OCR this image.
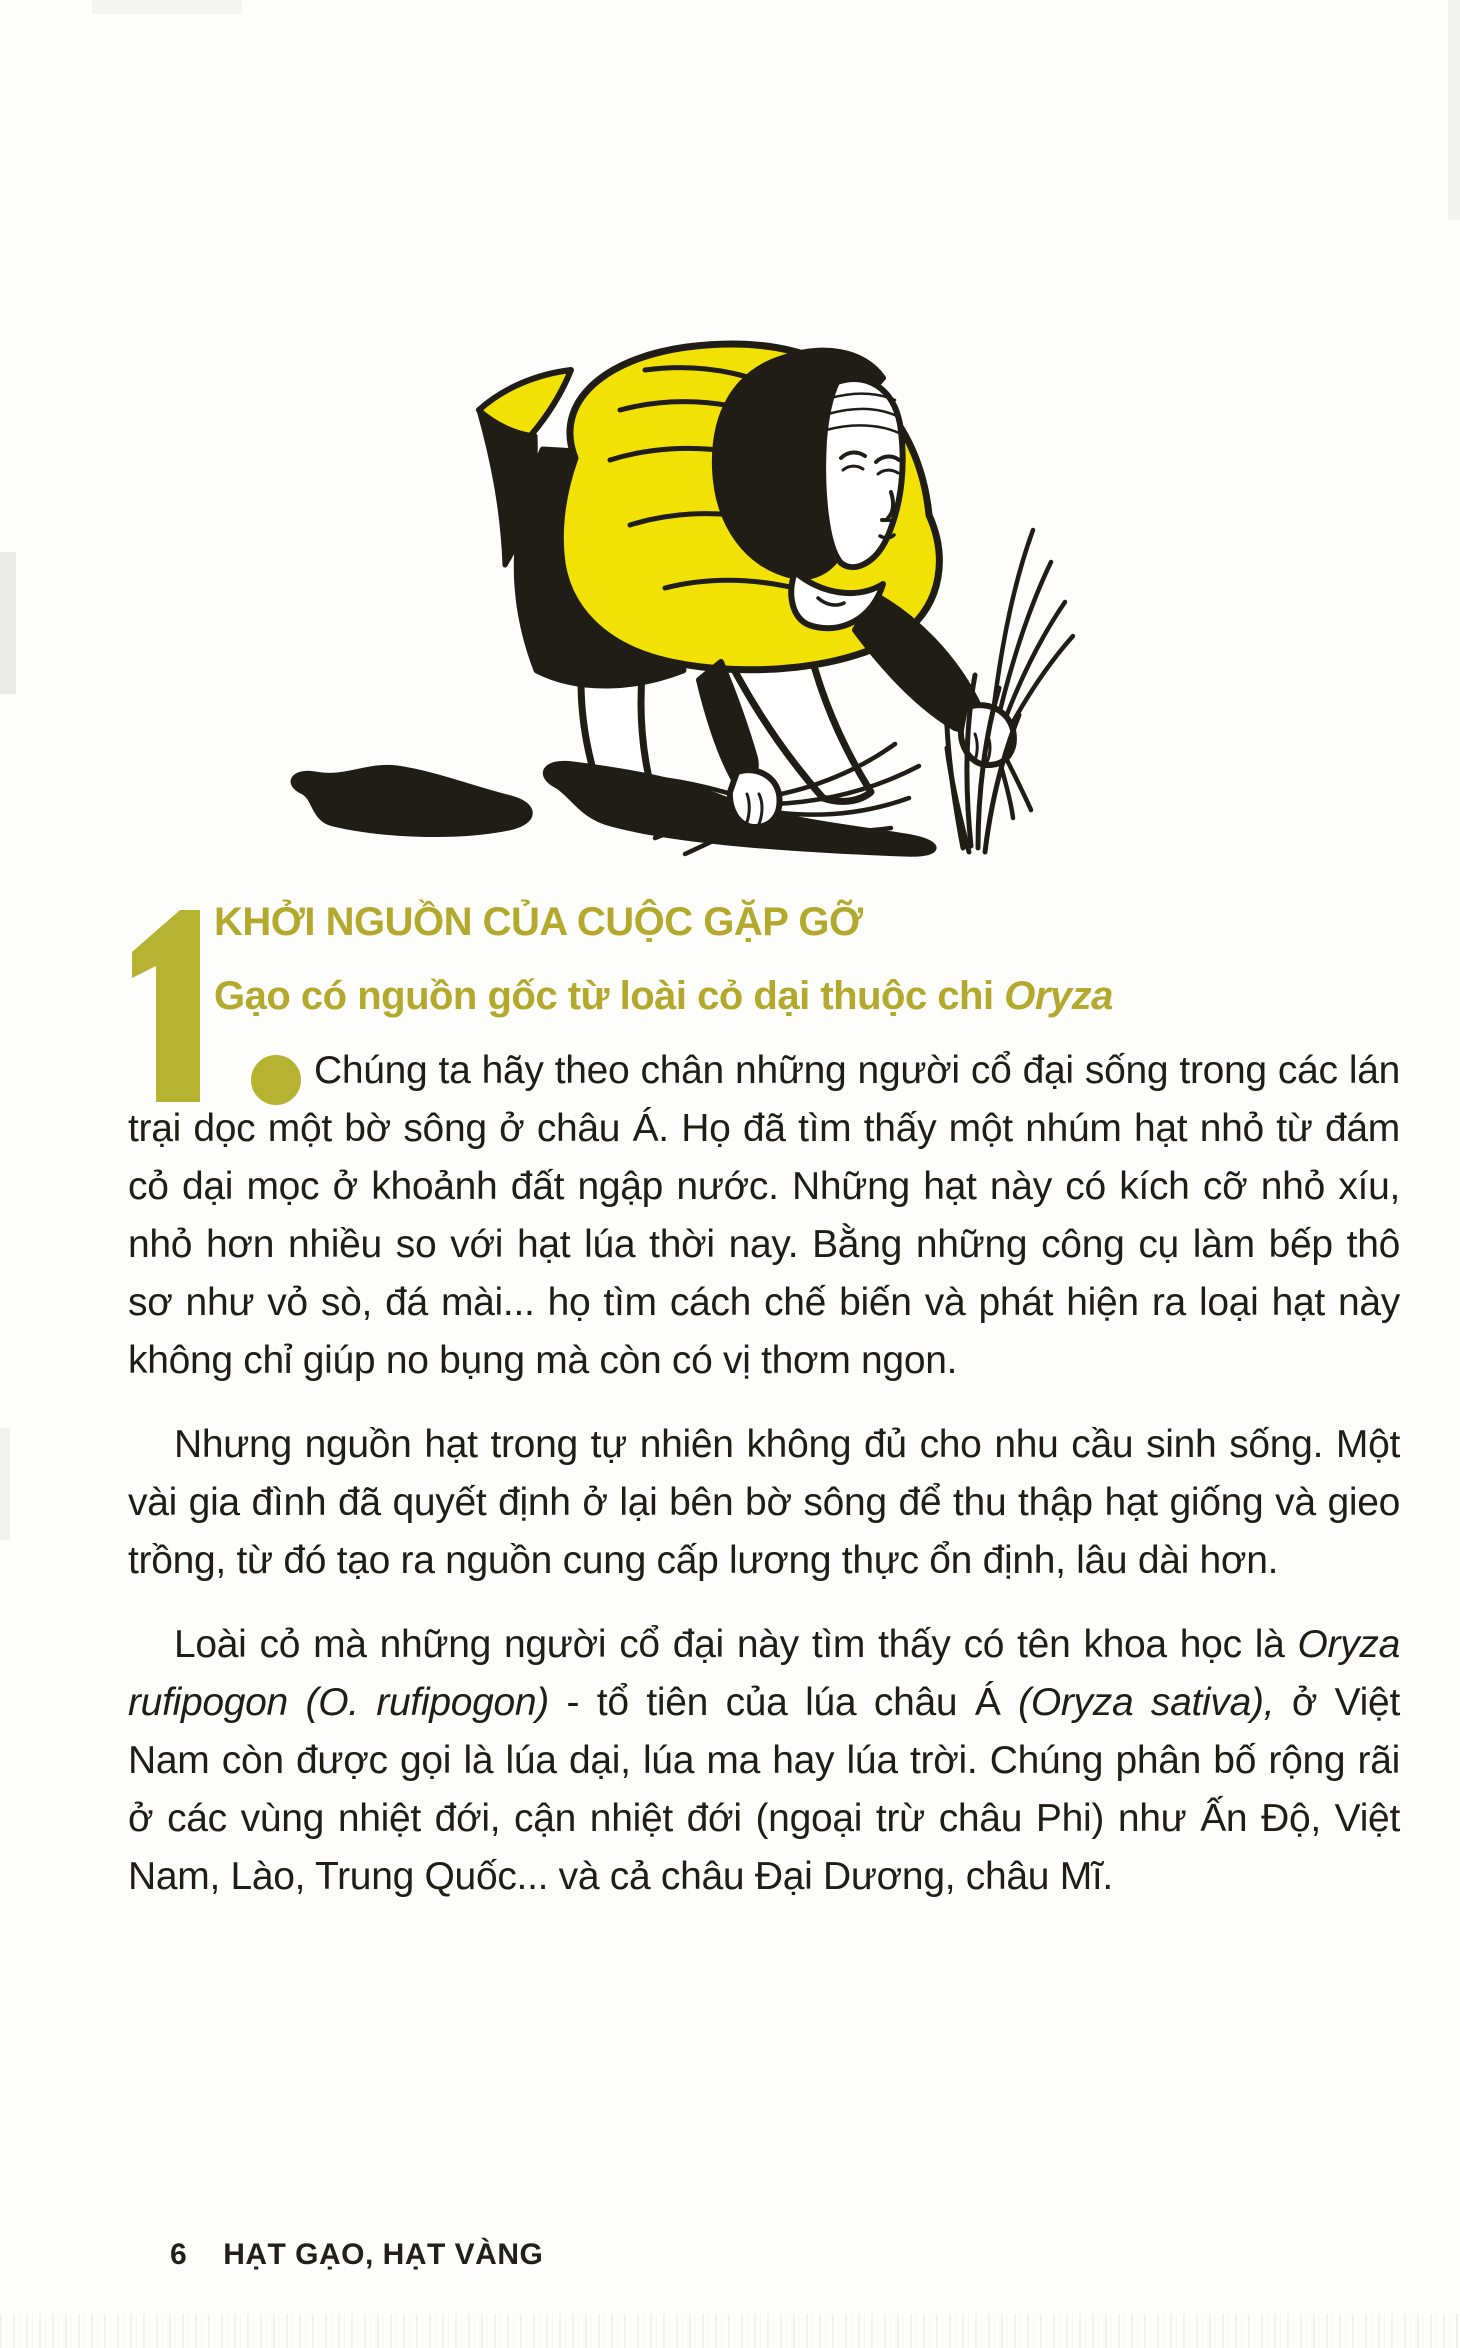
KHỞI NGUỒN CỦA CUỘC GẶP GỠ
Gạo có nguồn gốc từ loài cỏ dại thuộc chi Oryza

Chúng ta hãy theo chân những người cổ đại sống trong các lán trại dọc một bờ sông ở châu Á. Họ đã tìm thấy một nhúm hạt nhỏ từ đám cỏ dại mọc ở khoảnh đất ngập nước. Những hạt này có kích cỡ nhỏ xíu, nhỏ hơn nhiều so với hạt lúa thời nay. Bằng những công cụ làm bếp thô sơ như vỏ sò, đá mài... họ tìm cách chế biến và phát hiện ra loại hạt này không chỉ giúp no bụng mà còn có vị thơm ngon.

Nhưng nguồn hạt trong tự nhiên không đủ cho nhu cầu sinh sống. Một vài gia đình đã quyết định ở lại bên bờ sông để thu thập hạt giống và gieo trồng, từ đó tạo ra nguồn cung cấp lương thực ổn định, lâu dài hơn.

Loài cỏ mà những người cổ đại này tìm thấy có tên khoa học là Oryza rufipogon (O. rufipogon) - tổ tiên của lúa châu Á (Oryza sativa), ở Việt Nam còn được gọi là lúa dại, lúa ma hay lúa trời. Chúng phân bố rộng rãi ở các vùng nhiệt đới, cận nhiệt đới (ngoại trừ châu Phi) như Ấn Độ, Việt Nam, Lào, Trung Quốc... và cả châu Đại Dương, châu Mĩ.

6 HẠT GẠO, HẠT VÀNG
